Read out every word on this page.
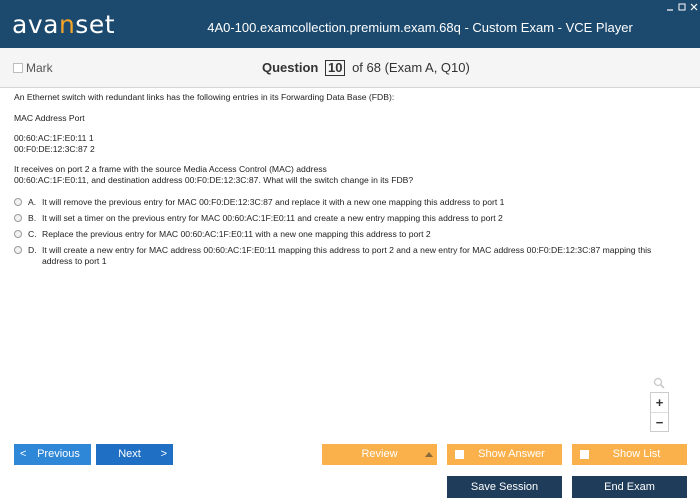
avanset	4A0-100.examcollection.premium.exam.68q - Custom Exam - VCE Player
Mark	Question 10 of 68 (Exam A, Q10)

An Ethernet switch with redundant links has the following entries in its Forwarding Data Base (FDB):

MAC Address Port

00:60:AC:1F:E0:11 1

00:F0:DE:12:3C:87 2

It receives on port 2 a frame with the source Media Access Control (MAC) address

00:60:AC:1F:E0:11, and destination address 00:F0:DE:12:3C:87. What will the switch change in its FDB?

A. It will remove the previous entry for MAC 00:F0:DE:12:3C:87 and replace it with a new one mapping this address to port 1
B. It will set a timer on the previous entry for MAC 00:60:AC:1F:E0:11 and create a new entry mapping this address to port 2
C. Replace the previous entry for MAC 00:60:AC:1F:E0:11 with a new one mapping this address to port 2
D. It will create a new entry for MAC address 00:60:AC:1F:E0:11 mapping this address to port 2 and a new entry for MAC address 00:F0:DE:12:3C:87 mapping this address to port 1
+
−
< Previous	Next >	Review	Show Answer	Show List
Save Session	End Exam
